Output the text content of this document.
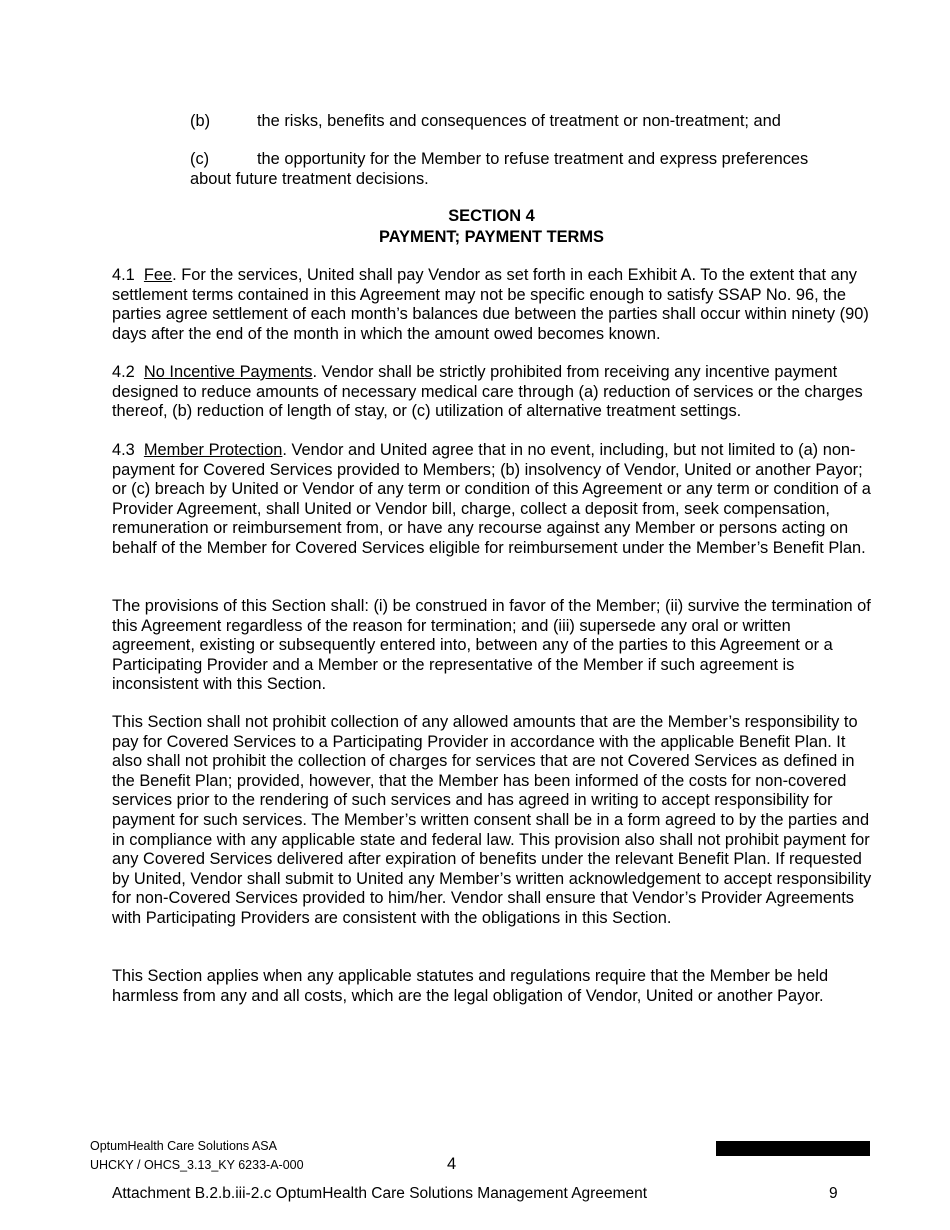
(b)	the risks, benefits and consequences of treatment or non-treatment; and

(c)	the opportunity for the Member to refuse treatment and express preferences about future treatment decisions.

SECTION 4
PAYMENT; PAYMENT TERMS

4.1 Fee. For the services, United shall pay Vendor as set forth in each Exhibit A. To the extent that any settlement terms contained in this Agreement may not be specific enough to satisfy SSAP No. 96, the parties agree settlement of each month’s balances due between the parties shall occur within ninety (90) days after the end of the month in which the amount owed becomes known.

4.2 No Incentive Payments. Vendor shall be strictly prohibited from receiving any incentive payment designed to reduce amounts of necessary medical care through (a) reduction of services or the charges thereof, (b) reduction of length of stay, or (c) utilization of alternative treatment settings.

4.3 Member Protection. Vendor and United agree that in no event, including, but not limited to (a) non-payment for Covered Services provided to Members; (b) insolvency of Vendor, United or another Payor; or (c) breach by United or Vendor of any term or condition of this Agreement or any term or condition of a Provider Agreement, shall United or Vendor bill, charge, collect a deposit from, seek compensation, remuneration or reimbursement from, or have any recourse against any Member or persons acting on behalf of the Member for Covered Services eligible for reimbursement under the Member’s Benefit Plan.

The provisions of this Section shall: (i) be construed in favor of the Member; (ii) survive the termination of this Agreement regardless of the reason for termination; and (iii) supersede any oral or written agreement, existing or subsequently entered into, between any of the parties to this Agreement or a Participating Provider and a Member or the representative of the Member if such agreement is inconsistent with this Section.

This Section shall not prohibit collection of any allowed amounts that are the Member’s responsibility to pay for Covered Services to a Participating Provider in accordance with the applicable Benefit Plan. It also shall not prohibit the collection of charges for services that are not Covered Services as defined in the Benefit Plan; provided, however, that the Member has been informed of the costs for non-covered services prior to the rendering of such services and has agreed in writing to accept responsibility for payment for such services. The Member’s written consent shall be in a form agreed to by the parties and in compliance with any applicable state and federal law. This provision also shall not prohibit payment for any Covered Services delivered after expiration of benefits under the relevant Benefit Plan. If requested by United, Vendor shall submit to United any Member’s written acknowledgement to accept responsibility for non-Covered Services provided to him/her. Vendor shall ensure that Vendor’s Provider Agreements with Participating Providers are consistent with the obligations in this Section.

This Section applies when any applicable statutes and regulations require that the Member be held harmless from any and all costs, which are the legal obligation of Vendor, United or another Payor.

OptumHealth Care Solutions ASA
UHCKY / OHCS_3.13_KY 6233-A-000	4
Attachment B.2.b.iii-2.c OptumHealth Care Solutions Management Agreement	9
